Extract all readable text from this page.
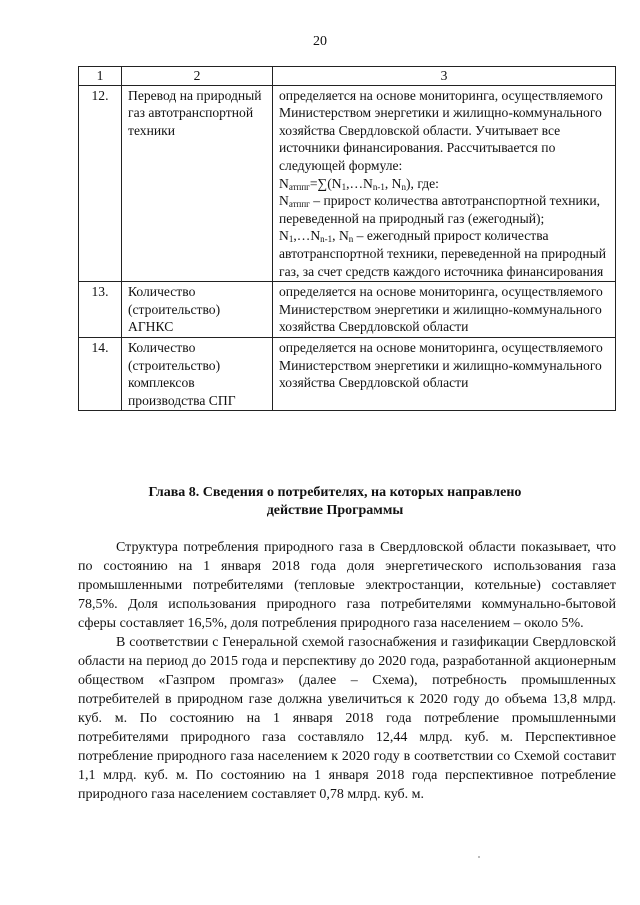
20
1	2	3
12.	Перевод на природный газ автотранспортной техники	определяется на основе мониторинга, осуществляемого Министерством энергетики и жилищно-коммунального хозяйства Свердловской области. Учитывает все источники финансирования. Рассчитывается по следующей формуле:
$N_{атппг}=\sum(N_1,\dots N_{n-1}$, $N_n$), где:
$N_{атппг}$ – прирост количества автотранспортной техники, переведенной на природный газ (ежегодный);
$N_1,\dots N_{n-1}$, $N_n$ – ежегодный прирост количества автотранспортной техники, переведенной на природный газ, за счет средств каждого источника финансирования

13.	Количество (строительство) АГНКС	определяется на основе мониторинга, осуществляемого Министерством энергетики и жилищно-коммунального хозяйства Свердловской области
14.	Количество (строительство) комплексов производства СПГ	определяется на основе мониторинга, осуществляемого Министерством энергетики и жилищно-коммунального хозяйства Свердловской области
Глава 8. Сведения о потребителях, на которых направлено
действие Программы

Структура потребления природного газа в Свердловской области показывает, что по состоянию на 1 января 2018 года доля энергетического использования газа промышленными потребителями (тепловые электростанции, котельные) составляет 78,5%. Доля использования природного газа потребителями коммунально-бытовой сферы составляет 16,5%, доля потребления природного газа населением – около 5%.

В соответствии с Генеральной схемой газоснабжения и газификации Свердловской области на период до 2015 года и перспективу до 2020 года, разработанной акционерным обществом «Газпром промгаз» (далее – Схема), потребность промышленных потребителей в природном газе должна увеличиться к 2020 году до объема 13,8 млрд. куб. м. По состоянию на 1 января 2018 года потребление промышленными потребителями природного газа составляло 12,44 млрд. куб. м. Перспективное потребление природного газа населением к 2020 году в соответствии со Схемой составит 1,1 млрд. куб. м. По состоянию на 1 января 2018 года перспективное потребление природного газа населением составляет 0,78 млрд. куб. м.
